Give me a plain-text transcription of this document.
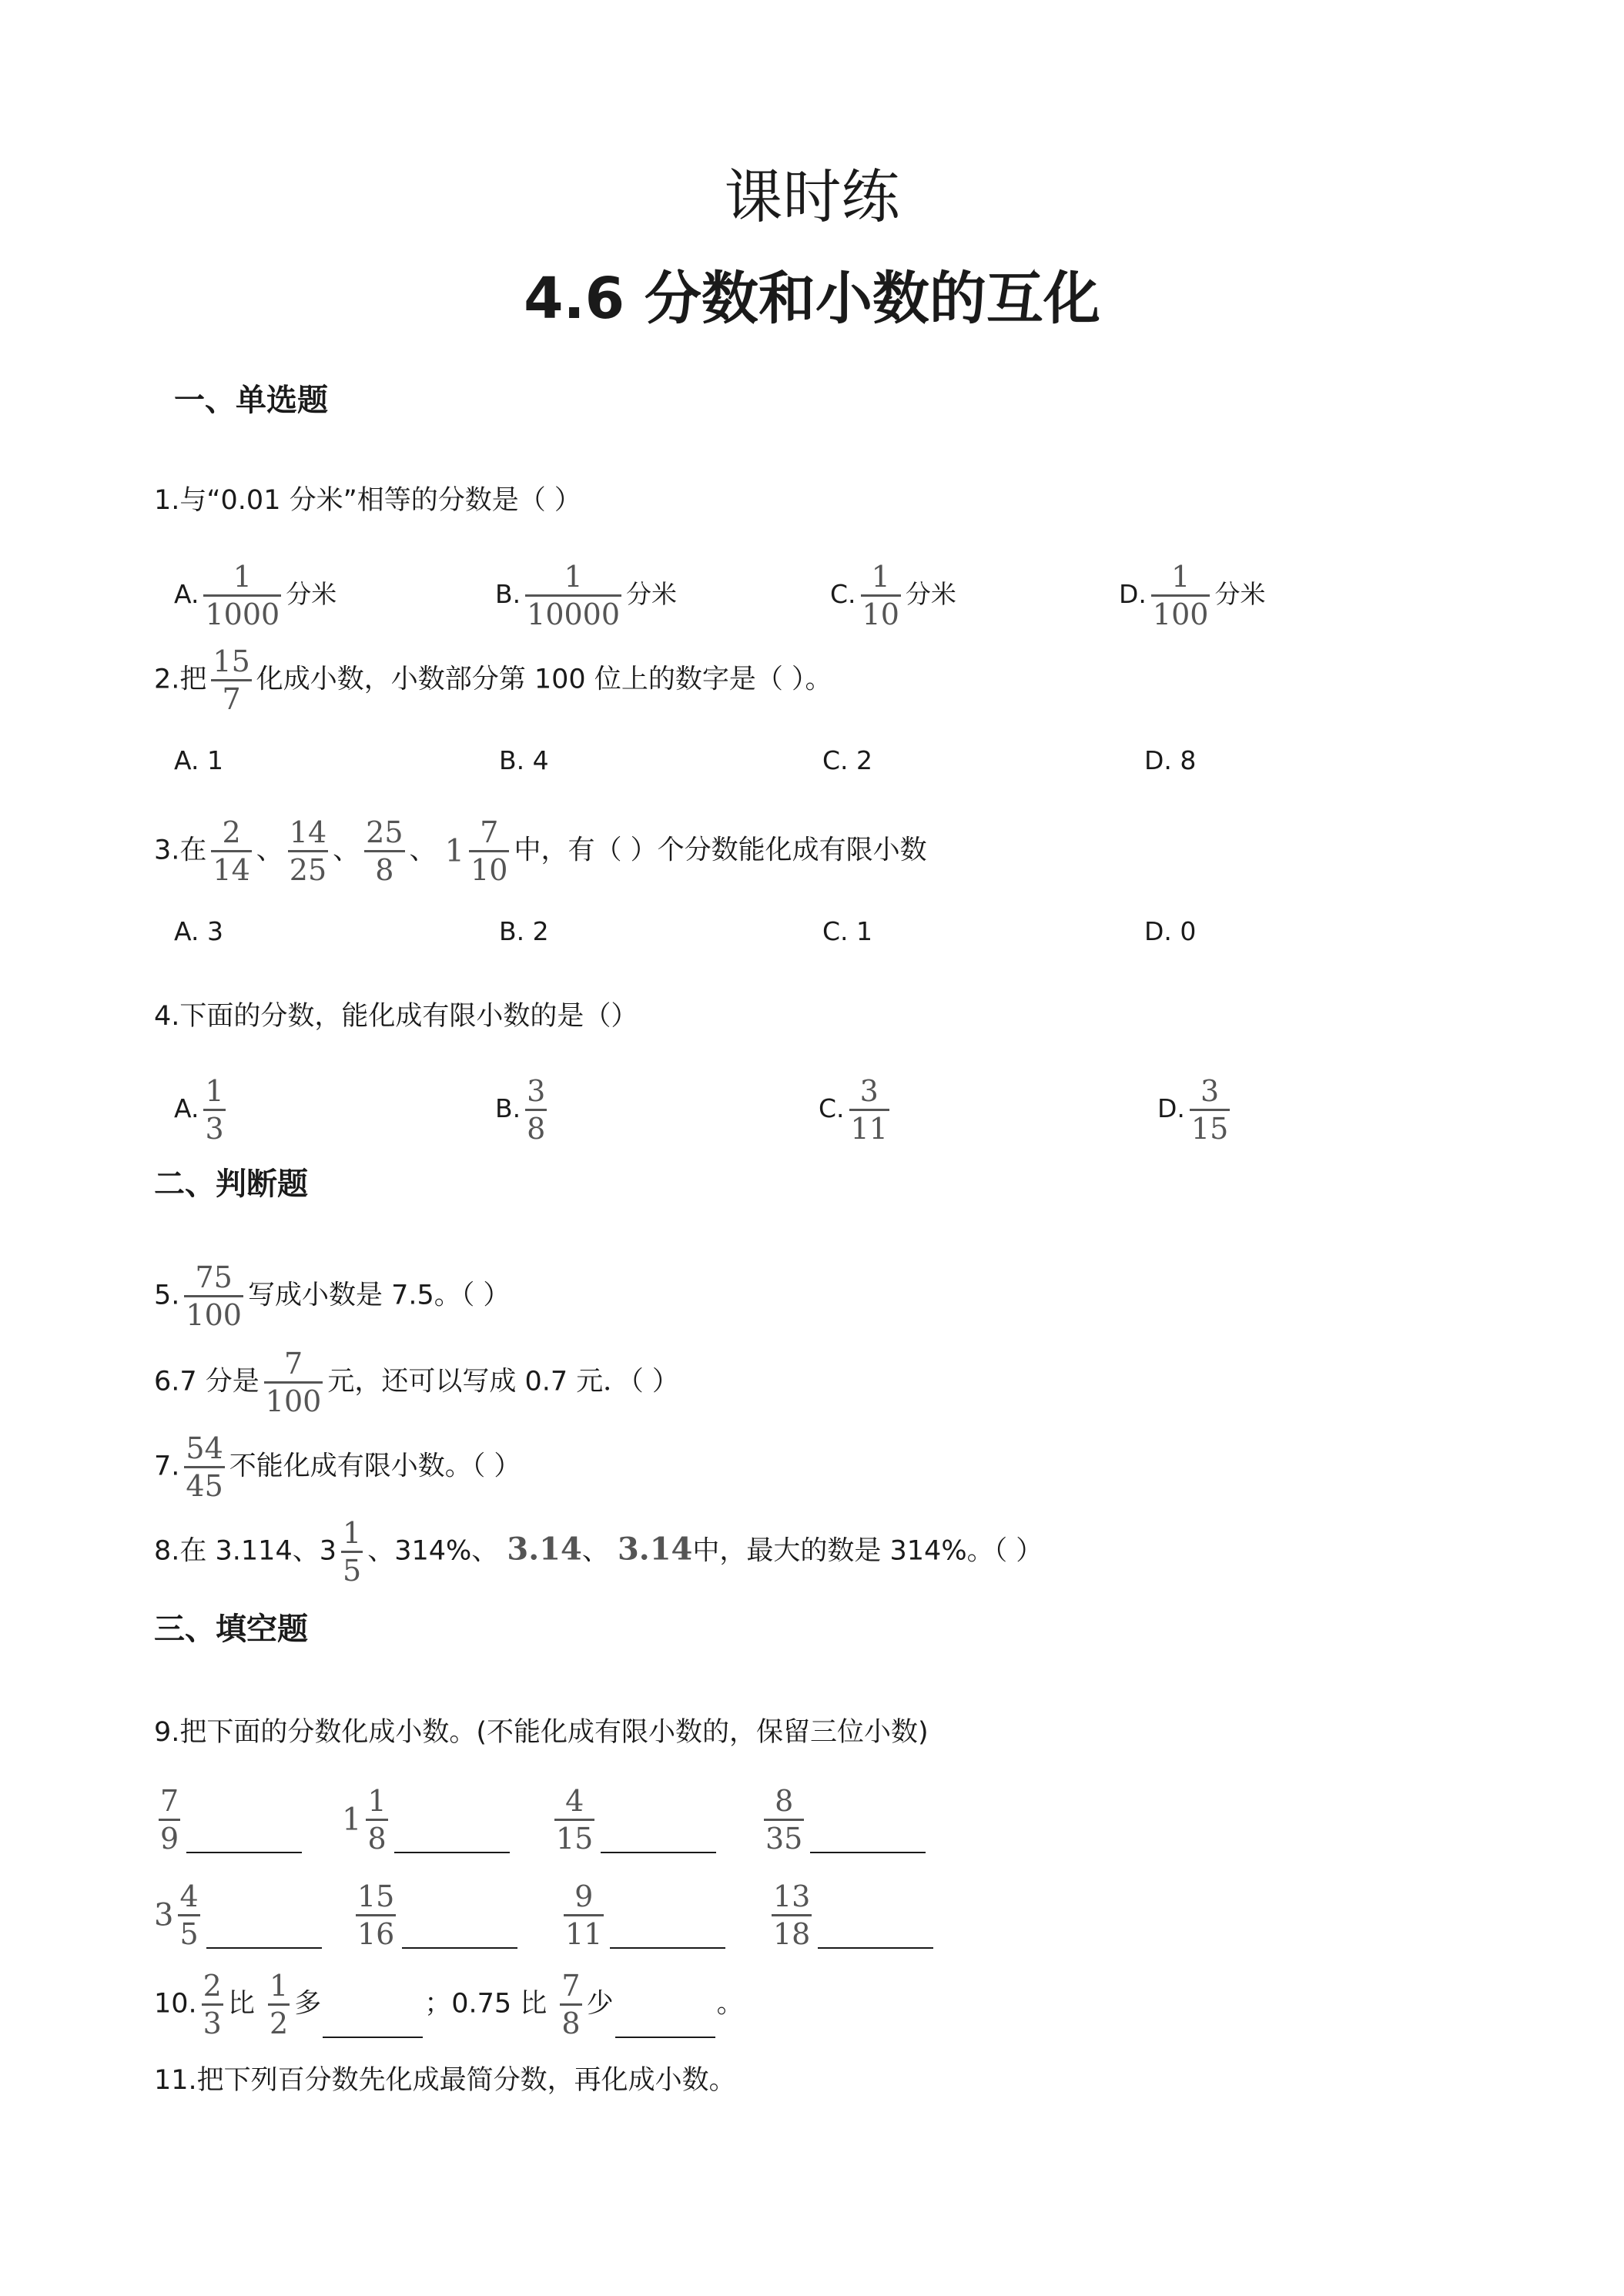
课时练
4.6 分数和小数的互化
一、单选题
1.与“0.01 分米”相等的分数是（ ）
A. $\frac{1}{1000}$ 分米	B. $\frac{1}{10000}$ 分米	C. $\frac{1}{10}$ 分米	D. $\frac{1}{100}$ 分米
2.把 $\frac{15}{7}$ 化成小数，小数部分第 100 位上的数字是（ ）。
A. 1	B. 4	C. 2	D. 8
3.在 $\frac{2}{14}$ 、 $\frac{14}{25}$ 、 $\frac{25}{8}$ 、 $1 \frac{7}{10}$ 中，有（ ）个分数能化成有限小数
A. 3	B. 2	C. 1	D. 0
4.下面的分数，能化成有限小数的是（）
A. $\frac{1}{3}$	B. $\frac{3}{8}$	C. $\frac{3}{11}$	D. $\frac{3}{15}$
二、判断题
5. $\frac{75}{100}$ 写成小数是 7.5。（ ）
6.7 分是 $\frac{7}{100}$ 元，还可以写成 0.7 元．（ ）
7. $\frac{54}{45}$ 不能化成有限小数。（ ）
8.在 3.114、$3 \frac{1}{5}$ 、314%、 3.14、 3.14中，最大的数是 314%。（ ）
三、填空题
9.把下面的分数化成小数。(不能化成有限小数的，保留三位小数)
$\frac{7}{9}$	$1 \frac{1}{8}$	$\frac{4}{15}$	$\frac{8}{35}$
$3 \frac{4}{5}$	$\frac{15}{16}$	$\frac{9}{11}$	$\frac{13}{18}$
10. $\frac{2}{3}$ 比 $\frac{1}{2}$ 多	；0.75 比 $\frac{7}{8}$ 少	。
11.把下列百分数先化成最简分数，再化成小数。
